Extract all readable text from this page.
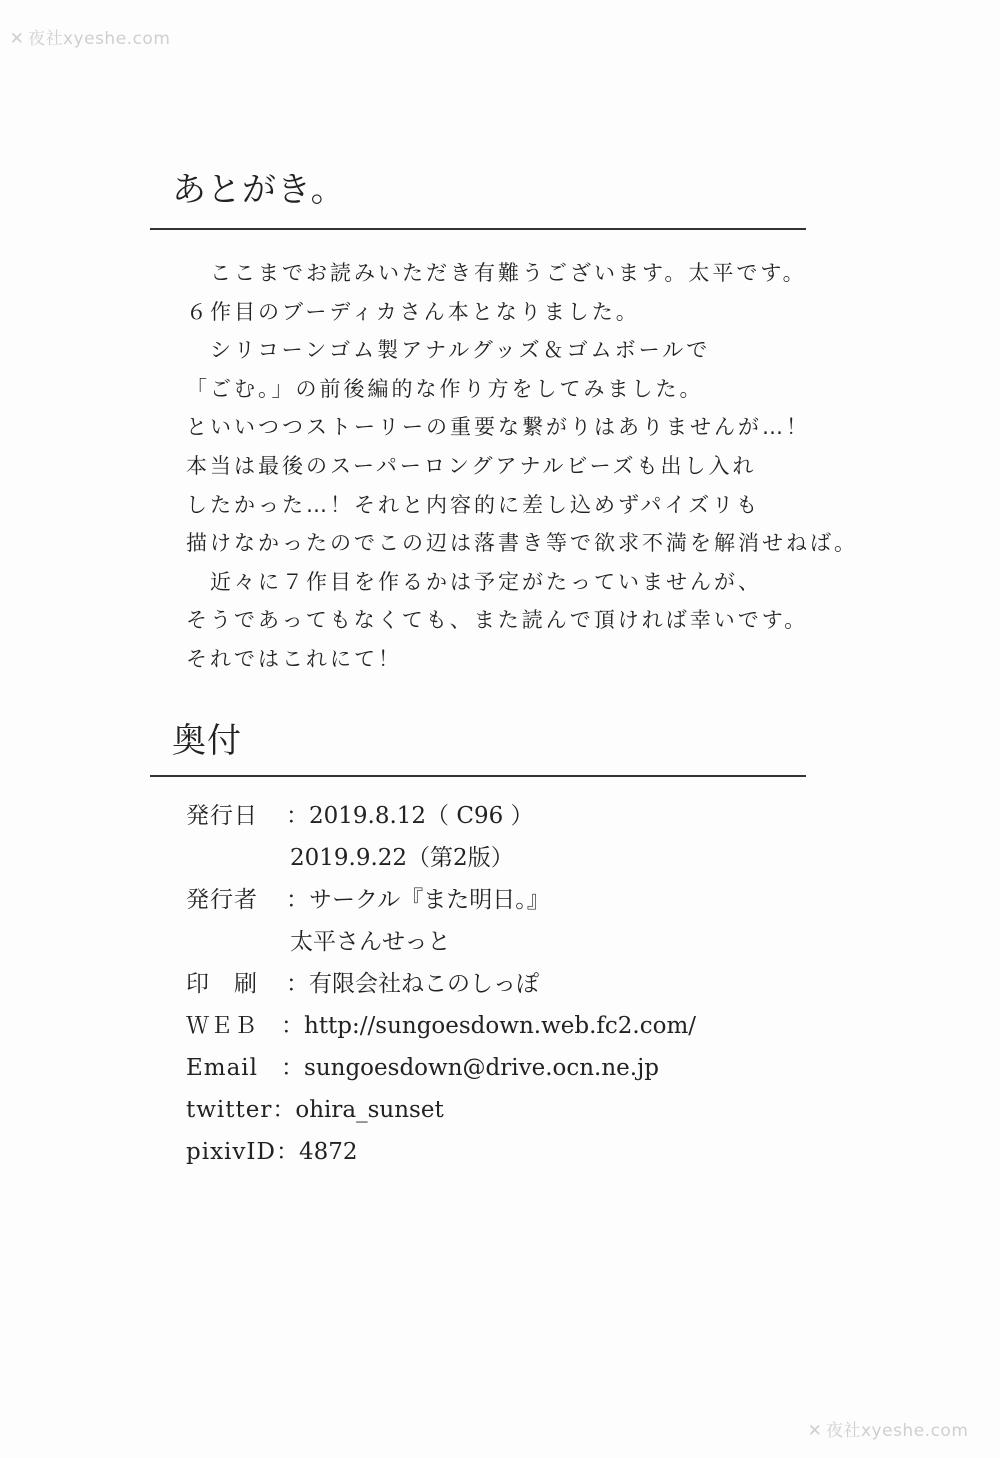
✕ 夜社xyeshe.com
あとがき。
　ここまでお読みいただき有難うございます。太平です。
６作目のブーディカさん本となりました。
　シリコーンゴム製アナルグッズ＆ゴムボールで
「ごむ。」の前後編的な作り方をしてみました。
といいつつストーリーの重要な繋がりはありませんが…！
本当は最後のスーパーロングアナルビーズも出し入れ
したかった…！それと内容的に差し込めずパイズリも
描けなかったのでこの辺は落書き等で欲求不満を解消せねば。
　近々に７作目を作るかは予定がたっていませんが、
そうであってもなくても、また読んで頂ければ幸いです。
それではこれにて！
奥付
発行日 ：2019.8.12（ C96 ）
2019.9.22（第2版）
発行者 ：サークル『また明日。』
太平さんせっと
印　刷 ：有限会社ねこのしっぽ
ＷＥＢ　：http://sungoesdown.web.fc2.com/
Email　：sungoesdown@drive.ocn.ne.jp
twitter：ohira_sunset
pixivID：4872
✕ 夜社xyeshe.com
